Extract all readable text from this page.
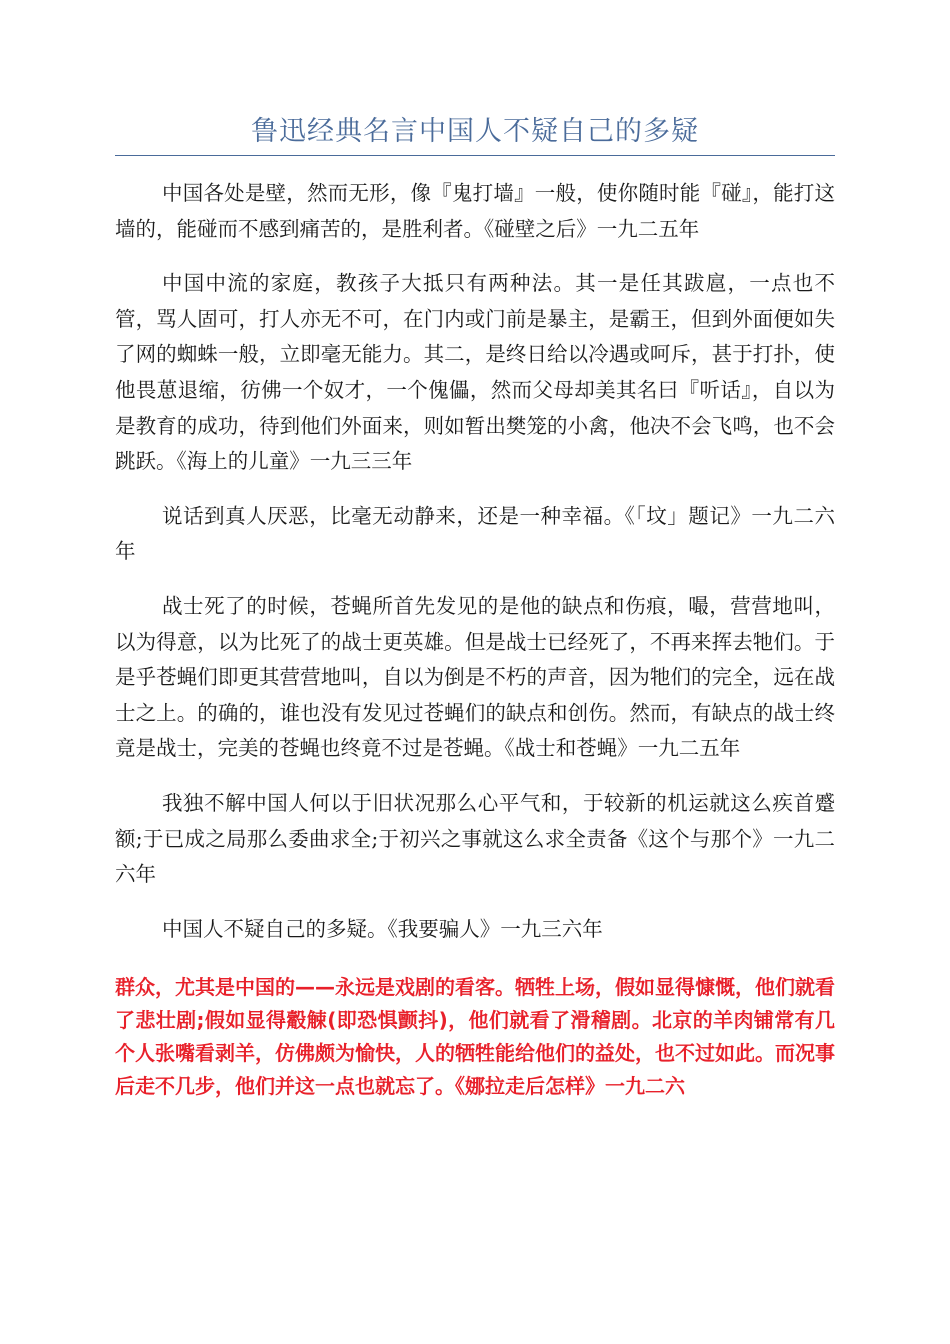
鲁迅经典名言中国人不疑自己的多疑

中国各处是壁，然而无形，像『鬼打墙』一般，使你随时能『碰』，能打这墙的，能碰而不感到痛苦的，是胜利者。《碰壁之后》一九二五年

中国中流的家庭，教孩子大抵只有两种法。其一是任其跋扈，一点也不管，骂人固可，打人亦无不可，在门内或门前是暴主，是霸王，但到外面便如失了网的蜘蛛一般，立即毫无能力。其二，是终日给以冷遇或呵斥，甚于打扑，使他畏葸退缩，彷佛一个奴才，一个傀儡，然而父母却美其名曰『听话』，自以为是教育的成功，待到他们外面来，则如暂出樊笼的小禽，他决不会飞鸣，也不会跳跃。《海上的儿童》一九三三年

说话到真人厌恶，比毫无动静来，还是一种幸福。《「坟」题记》一九二六年

战士死了的时候，苍蝇所首先发见的是他的缺点和伤痕，嘬，营营地叫，以为得意，以为比死了的战士更英雄。但是战士已经死了，不再来挥去牠们。于是乎苍蝇们即更其营营地叫，自以为倒是不朽的声音，因为牠们的完全，远在战士之上。的确的，谁也没有发见过苍蝇们的缺点和创伤。然而，有缺点的战士终竟是战士，完美的苍蝇也终竟不过是苍蝇。《战士和苍蝇》一九二五年

我独不解中国人何以于旧状况那么心平气和，于较新的机运就这么疾首蹙额;于已成之局那么委曲求全;于初兴之事就这么求全责备《这个与那个》一九二六年

中国人不疑自己的多疑。《我要骗人》一九三六年

群众，尤其是中国的——永远是戏剧的看客。牺牲上场，假如显得慷慨，他们就看了悲壮剧;假如显得觳觫(即恐惧颤抖)，他们就看了滑稽剧。北京的羊肉铺常有几个人张嘴看剥羊，仿佛颇为愉快，人的牺牲能给他们的益处，也不过如此。而况事后走不几步，他们并这一点也就忘了。《娜拉走后怎样》一九二六
